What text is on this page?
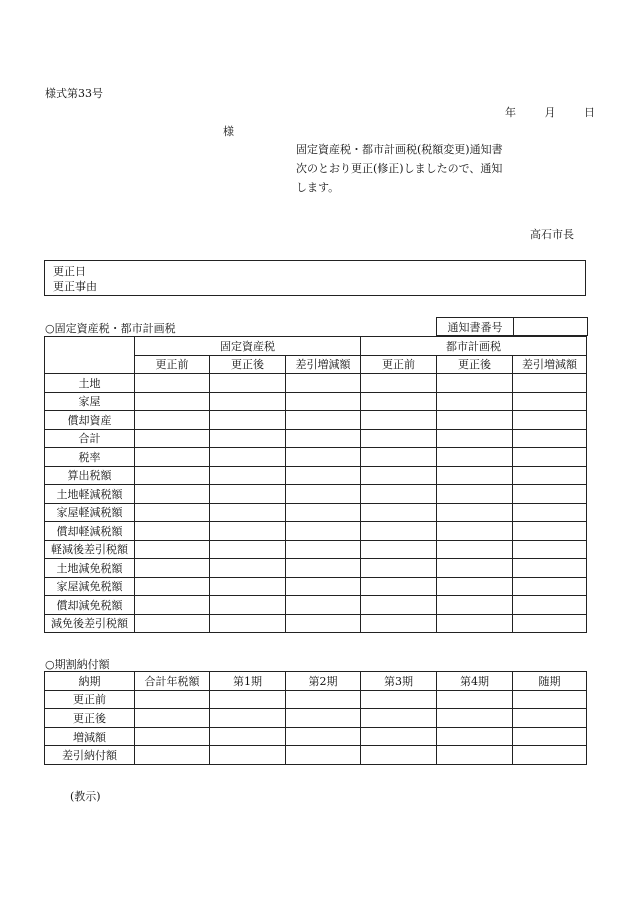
様式第33号
年	月	日
様
固定資産税・都市計画税(税額変更)通知書
次のとおり更正(修正)しましたので、通知
します。
高石市長
更正日
更正事由
○固定資産税・都市計画税	通知書番号	
	固定資産税			都市計画税		
	更正前	更正後	差引増減額	更正前	更正後	差引増減額
土地						
家屋						
償却資産						
合計						
税率						
算出税額						
土地軽減税額						
家屋軽減税額						
償却軽減税額						
軽減後差引税額						
土地減免税額						
家屋減免税額						
償却減免税額						
減免後差引税額						
○期割納付額
納期	合計年税額	第1期	第2期	第3期	第4期	随期
更正前						
更正後						
増減額						
差引納付額						
(教示)
